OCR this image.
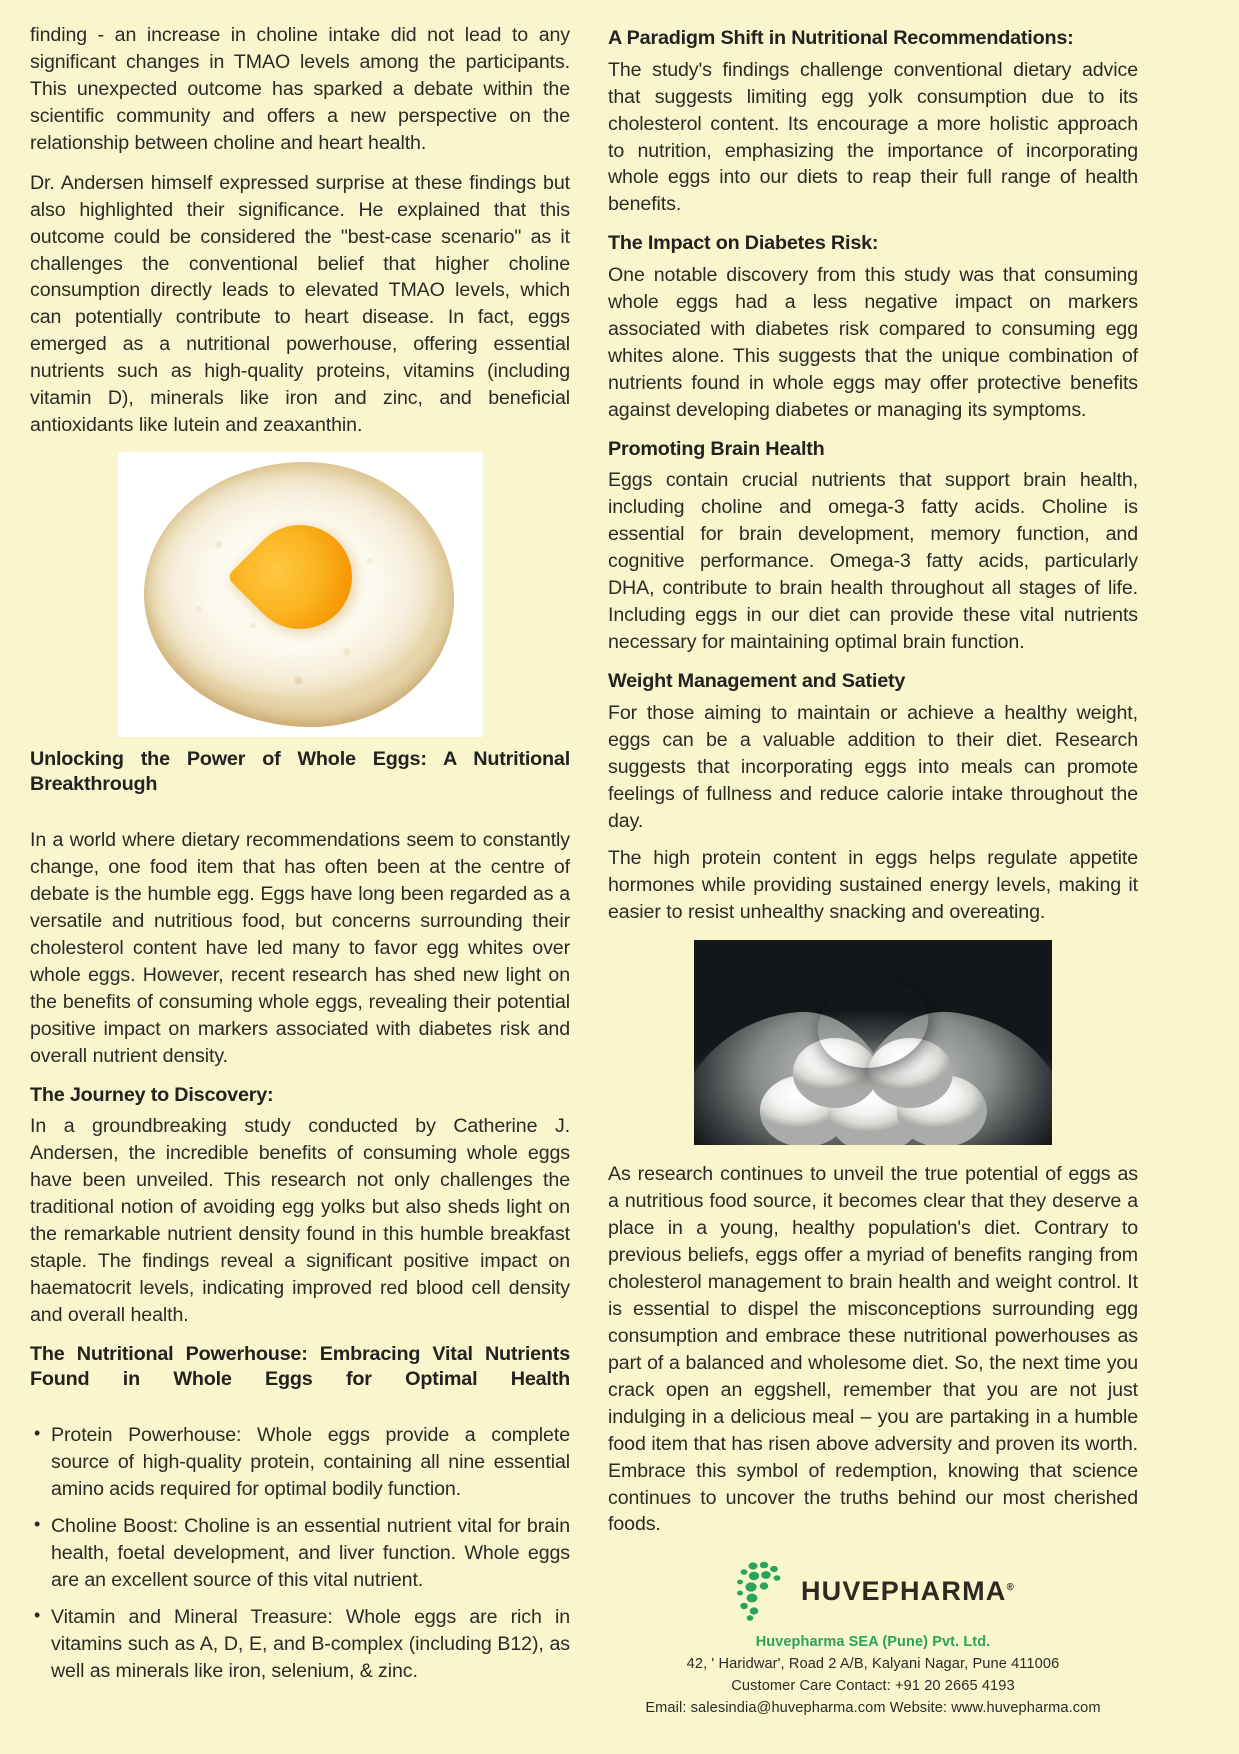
finding - an increase in choline intake did not lead to any significant changes in TMAO levels among the participants. This unexpected outcome has sparked a debate within the scientific community and offers a new perspective on the relationship between choline and heart health.

Dr. Andersen himself expressed surprise at these findings but also highlighted their significance. He explained that this outcome could be considered the "best-case scenario" as it challenges the conventional belief that higher choline consumption directly leads to elevated TMAO levels, which can potentially contribute to heart disease. In fact, eggs emerged as a nutritional powerhouse, offering essential nutrients such as high-quality proteins, vitamins (including vitamin D), minerals like iron and zinc, and beneficial antioxidants like lutein and zeaxanthin.

Unlocking the Power of Whole Eggs: A Nutritional Breakthrough

In a world where dietary recommendations seem to constantly change, one food item that has often been at the centre of debate is the humble egg. Eggs have long been regarded as a versatile and nutritious food, but concerns surrounding their cholesterol content have led many to favor egg whites over whole eggs. However, recent research has shed new light on the benefits of consuming whole eggs, revealing their potential positive impact on markers associated with diabetes risk and overall nutrient density.

The Journey to Discovery:

In a groundbreaking study conducted by Catherine J. Andersen, the incredible benefits of consuming whole eggs have been unveiled. This research not only challenges the traditional notion of avoiding egg yolks but also sheds light on the remarkable nutrient density found in this humble breakfast staple. The findings reveal a significant positive impact on haematocrit levels, indicating improved red blood cell density and overall health.

The Nutritional Powerhouse: Embracing Vital Nutrients Found in Whole Eggs for Optimal Health
• Protein Powerhouse: Whole eggs provide a complete source of high-quality protein, containing all nine essential amino acids required for optimal bodily function.
• Choline Boost: Choline is an essential nutrient vital for brain health, foetal development, and liver function. Whole eggs are an excellent source of this vital nutrient.
• Vitamin and Mineral Treasure: Whole eggs are rich in vitamins such as A, D, E, and B-complex (including B12), as well as minerals like iron, selenium, & zinc.
A Paradigm Shift in Nutritional Recommendations:

The study's findings challenge conventional dietary advice that suggests limiting egg yolk consumption due to its cholesterol content. Its encourage a more holistic approach to nutrition, emphasizing the importance of incorporating whole eggs into our diets to reap their full range of health benefits.

The Impact on Diabetes Risk:

One notable discovery from this study was that consuming whole eggs had a less negative impact on markers associated with diabetes risk compared to consuming egg whites alone. This suggests that the unique combination of nutrients found in whole eggs may offer protective benefits against developing diabetes or managing its symptoms.

Promoting Brain Health

Eggs contain crucial nutrients that support brain health, including choline and omega-3 fatty acids. Choline is essential for brain development, memory function, and cognitive performance. Omega-3 fatty acids, particularly DHA, contribute to brain health throughout all stages of life. Including eggs in our diet can provide these vital nutrients necessary for maintaining optimal brain function.

Weight Management and Satiety

For those aiming to maintain or achieve a healthy weight, eggs can be a valuable addition to their diet. Research suggests that incorporating eggs into meals can promote feelings of fullness and reduce calorie intake throughout the day.

The high protein content in eggs helps regulate appetite hormones while providing sustained energy levels, making it easier to resist unhealthy snacking and overeating.

As research continues to unveil the true potential of eggs as a nutritious food source, it becomes clear that they deserve a place in a young, healthy population's diet. Contrary to previous beliefs, eggs offer a myriad of benefits ranging from cholesterol management to brain health and weight control. It is essential to dispel the misconceptions surrounding egg consumption and embrace these nutritional powerhouses as part of a balanced and wholesome diet. So, the next time you crack open an eggshell, remember that you are not just indulging in a delicious meal – you are partaking in a humble food item that has risen above adversity and proven its worth. Embrace this symbol of redemption, knowing that science continues to uncover the truths behind our most cherished foods.

HUVEPHARMA®
Huvepharma SEA (Pune) Pvt. Ltd.
42, ' Haridwar', Road 2 A/B, Kalyani Nagar, Pune 411006
Customer Care Contact: +91 20 2665 4193
Email: salesindia@huvepharma.com Website: www.huvepharma.com
